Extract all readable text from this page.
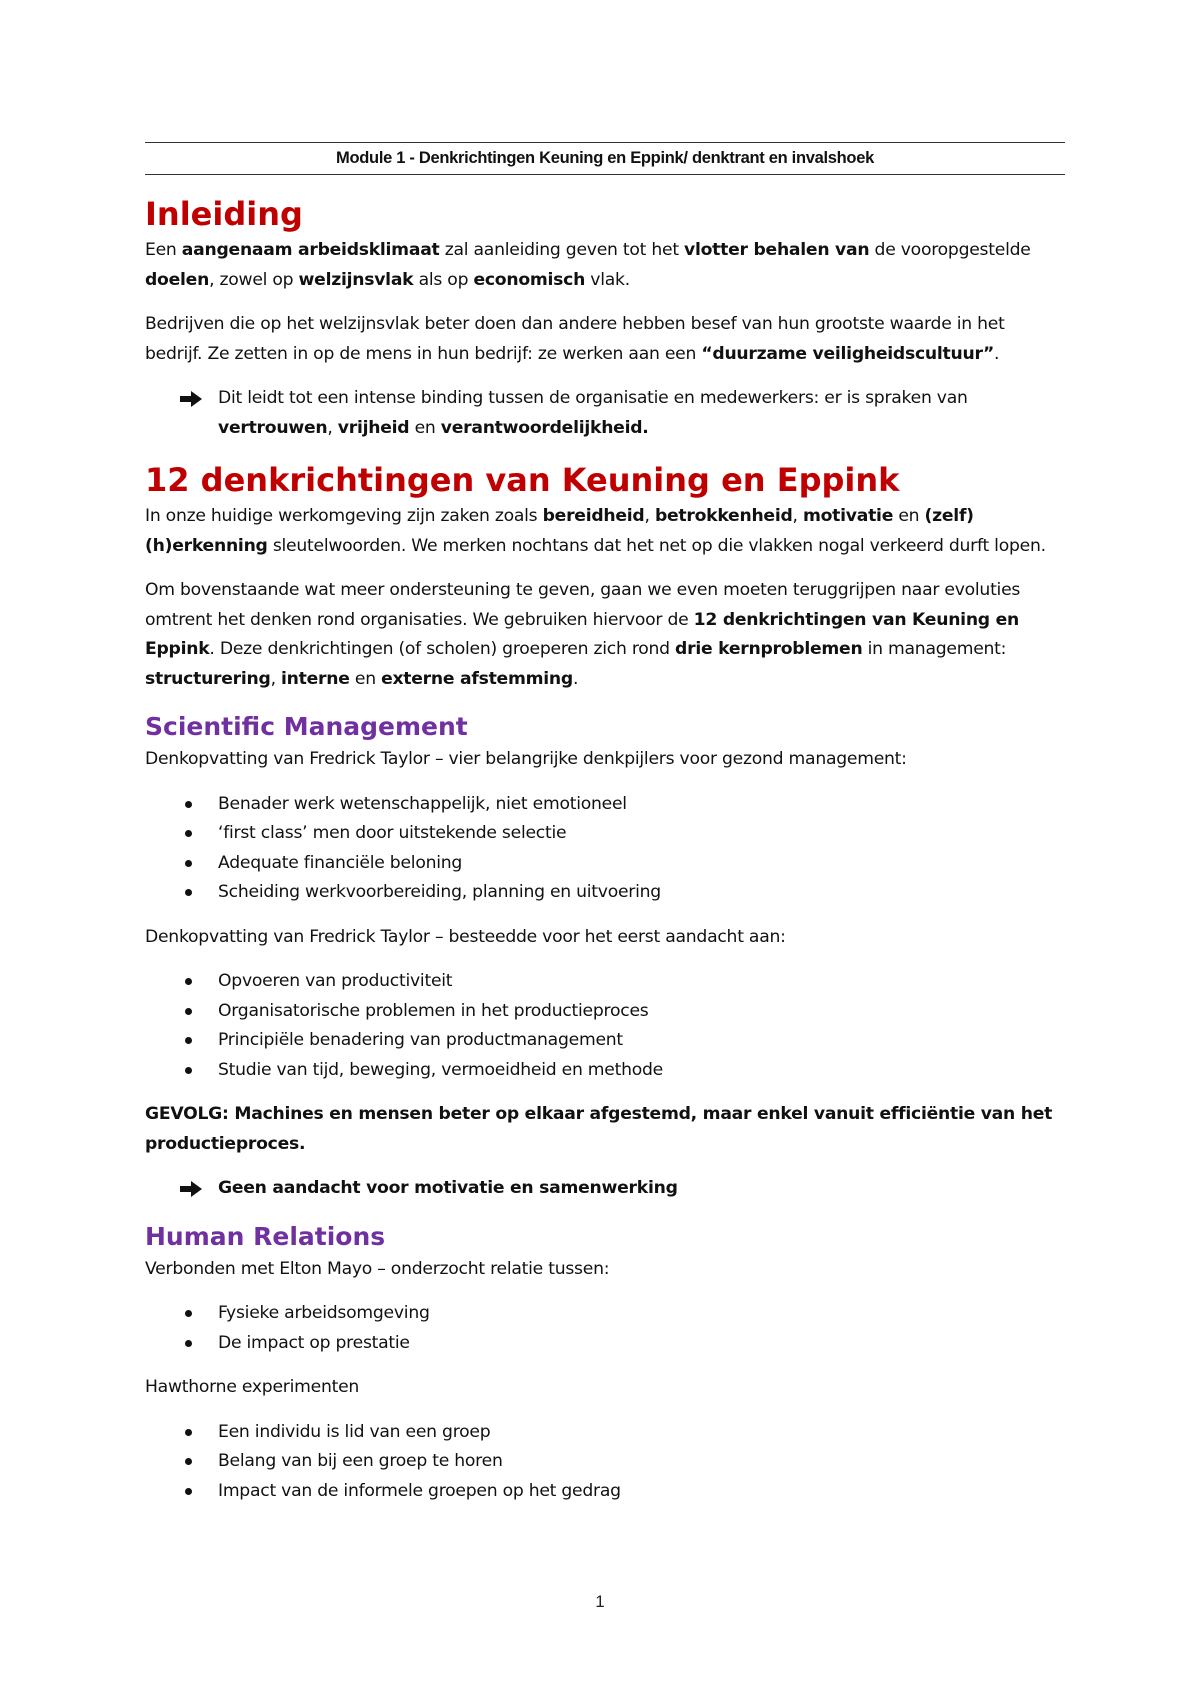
Module 1 - Denkrichtingen Keuning en Eppink/ denktrant en invalshoek
Inleiding

Een aangenaam arbeidsklimaat zal aanleiding geven tot het vlotter behalen van de vooropgestelde doelen, zowel op welzijnsvlak als op economisch vlak.

Bedrijven die op het welzijnsvlak beter doen dan andere hebben besef van hun grootste waarde in het bedrijf. Ze zetten in op de mens in hun bedrijf: ze werken aan een “duurzame veiligheidscultuur”.

Dit leidt tot een intense binding tussen de organisatie en medewerkers: er is spraken van vertrouwen, vrijheid en verantwoordelijkheid.
12 denkrichtingen van Keuning en Eppink

In onze huidige werkomgeving zijn zaken zoals bereidheid, betrokkenheid, motivatie en (zelf) (h)erkenning sleutelwoorden. We merken nochtans dat het net op die vlakken nogal verkeerd durft lopen.

Om bovenstaande wat meer ondersteuning te geven, gaan we even moeten teruggrijpen naar evoluties omtrent het denken rond organisaties. We gebruiken hiervoor de 12 denkrichtingen van Keuning en Eppink. Deze denkrichtingen (of scholen) groeperen zich rond drie kernproblemen in management: structurering, interne en externe afstemming.

Scientific Management

Denkopvatting van Fredrick Taylor – vier belangrijke denkpijlers voor gezond management:

Benader werk wetenschappelijk, niet emotioneel
‘first class’ men door uitstekende selectie
Adequate financiële beloning
Scheiding werkvoorbereiding, planning en uitvoering

Denkopvatting van Fredrick Taylor – besteedde voor het eerst aandacht aan:

Opvoeren van productiviteit
Organisatorische problemen in het productieproces
Principiële benadering van productmanagement
Studie van tijd, beweging, vermoeidheid en methode

GEVOLG: Machines en mensen beter op elkaar afgestemd, maar enkel vanuit efficiëntie van het productieproces.

Geen aandacht voor motivatie en samenwerking
Human Relations

Verbonden met Elton Mayo – onderzocht relatie tussen:

Fysieke arbeidsomgeving
De impact op prestatie

Hawthorne experimenten

Een individu is lid van een groep
Belang van bij een groep te horen
Impact van de informele groepen op het gedrag
1
